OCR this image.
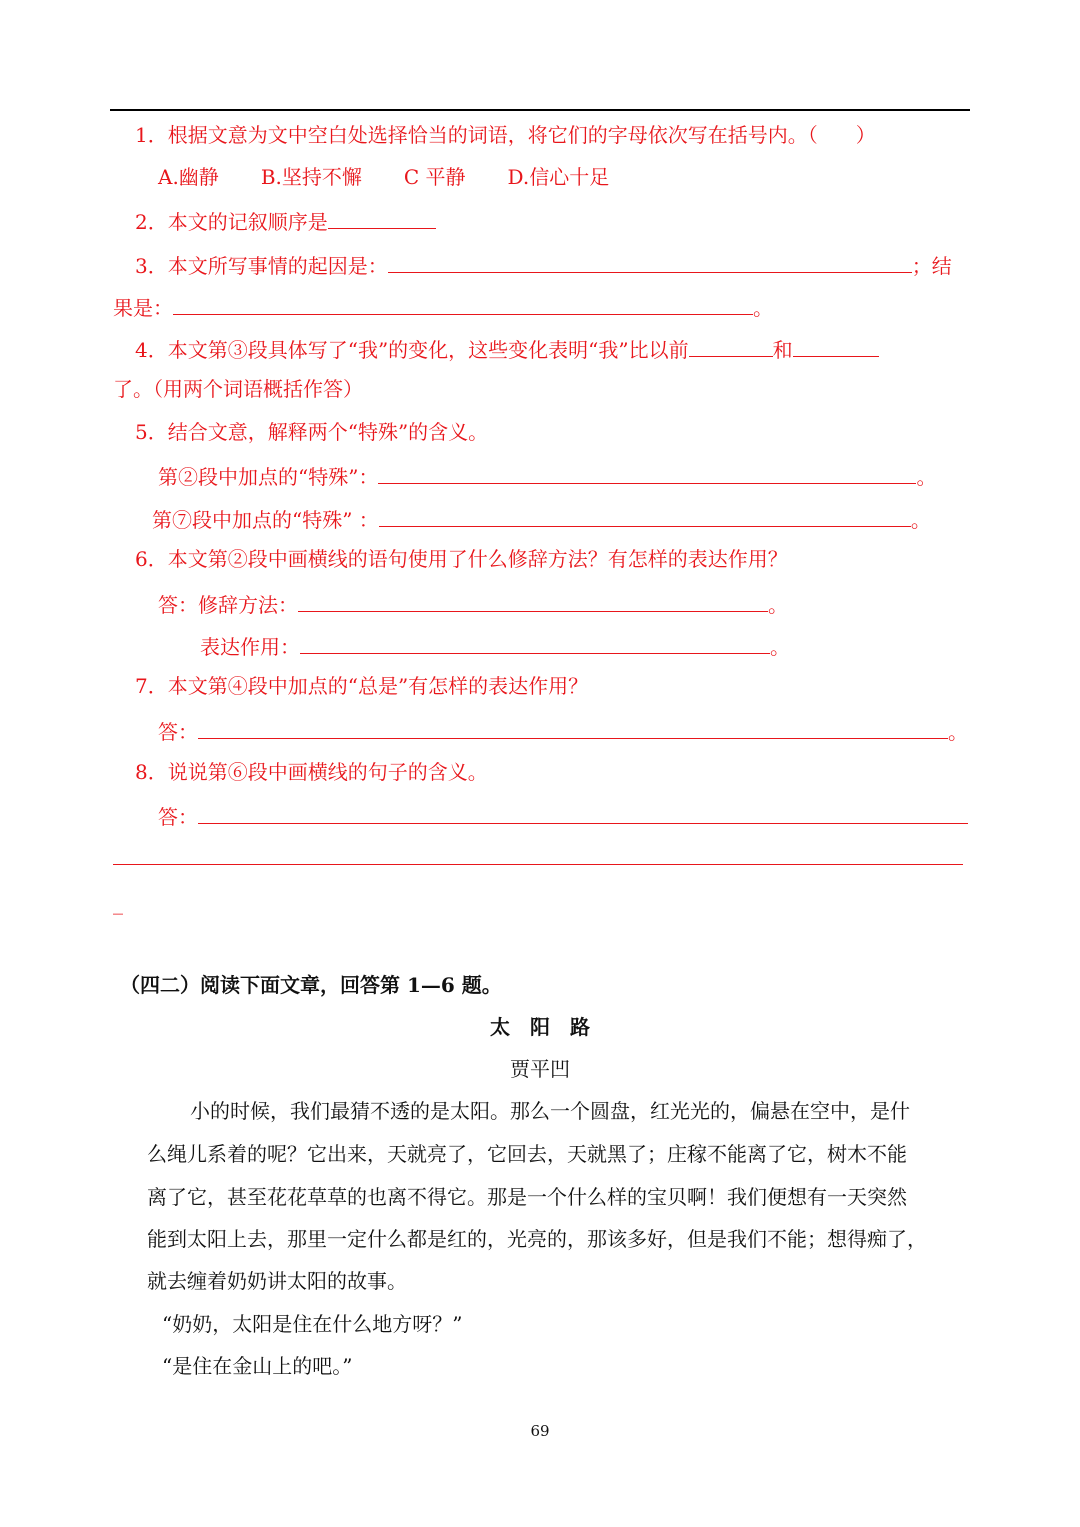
1．根据文意为文中空白处选择恰当的词语，将它们的字母依次写在括号内。（ ）
A.幽静 B.坚持不懈 C 平静 D.信心十足
2．本文的记叙顺序是
3．本文所写事情的起因是：	；结
果是：	。
4．本文第③段具体写了“我”的变化，这些变化表明“我”比以前	和
了。（用两个词语概括作答）
5．结合文意，解释两个“特殊”的含义。
第②段中加点的“特殊”：	。
第⑦段中加点的“特殊” ：	。
6．本文第②段中画横线的语句使用了什么修辞方法？有怎样的表达作用？
答：修辞方法：	。
表达作用：	。
7．本文第④段中加点的“总是”有怎样的表达作用？
答：	。
8．说说第⑥段中画横线的句子的含义。
答：
_
（四二）阅读下面文章，回答第 1—6 题。
太　阳　路
贾平凹
小的时候，我们最猜不透的是太阳。那么一个圆盘，红光光的，偏悬在空中，是什
么绳儿系着的呢？它出来，天就亮了，它回去，天就黑了；庄稼不能离了它，树木不能
离了它，甚至花花草草的也离不得它。那是一个什么样的宝贝啊！我们便想有一天突然
能到太阳上去，那里一定什么都是红的，光亮的，那该多好，但是我们不能；想得痴了，
就去缠着奶奶讲太阳的故事。
“奶奶，太阳是住在什么地方呀？”
“是住在金山上的吧。”
69
